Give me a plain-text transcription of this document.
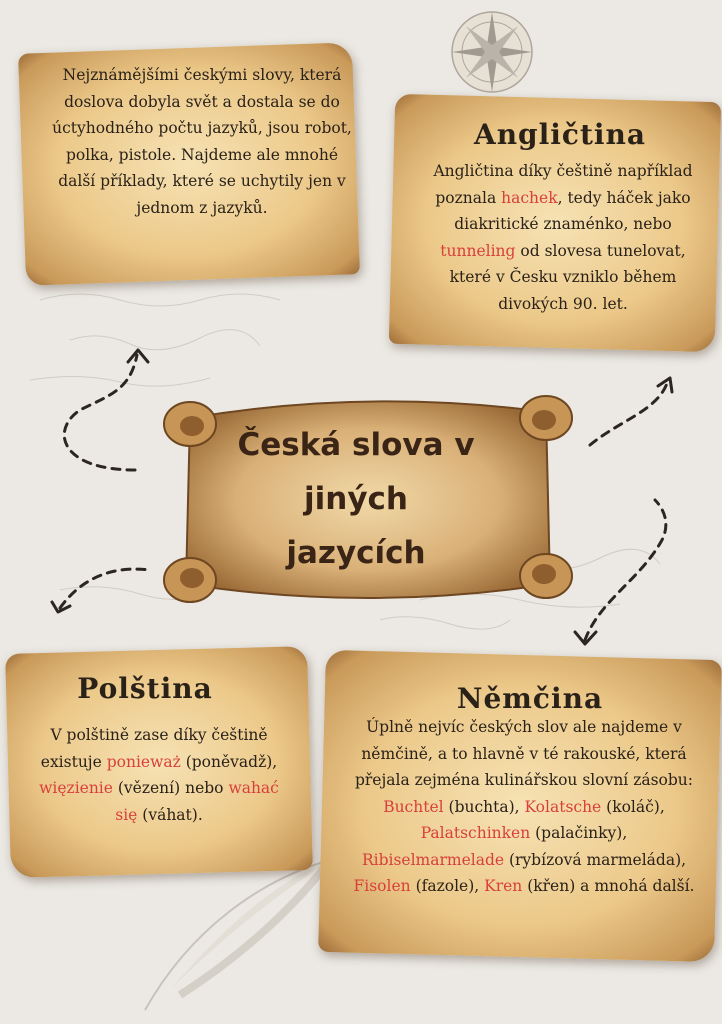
Česká slova v
jiných
jazycích

Nejznámějšími českými slovy, která doslova dobyla svět a dostala se do úctyhodného počtu jazyků, jsou robot, polka, pistole. Najdeme ale mnohé další příklady, které se uchytily jen v jednom z jazyků.

Angličtina

Angličtina díky češtině například poznala hachek, tedy háček jako diakritické znaménko, nebo tunneling od slovesa tunelovat, které v Česku vzniklo během divokých 90. let.

Polština

V polštině zase díky češtině existuje ponieważ (poněvadž), więzienie (vězení) nebo wahać się (váhat).

Němčina

Úplně nejvíc českých slov ale najdeme v němčině, a to hlavně v té rakouské, která přejala zejména kulinářskou slovní zásobu: Buchtel (buchta), Kolatsche (koláč), Palatschinken (palačinky), Ribiselmarmelade (rybízová marmeláda), Fisolen (fazole), Kren (křen) a mnohá další.
